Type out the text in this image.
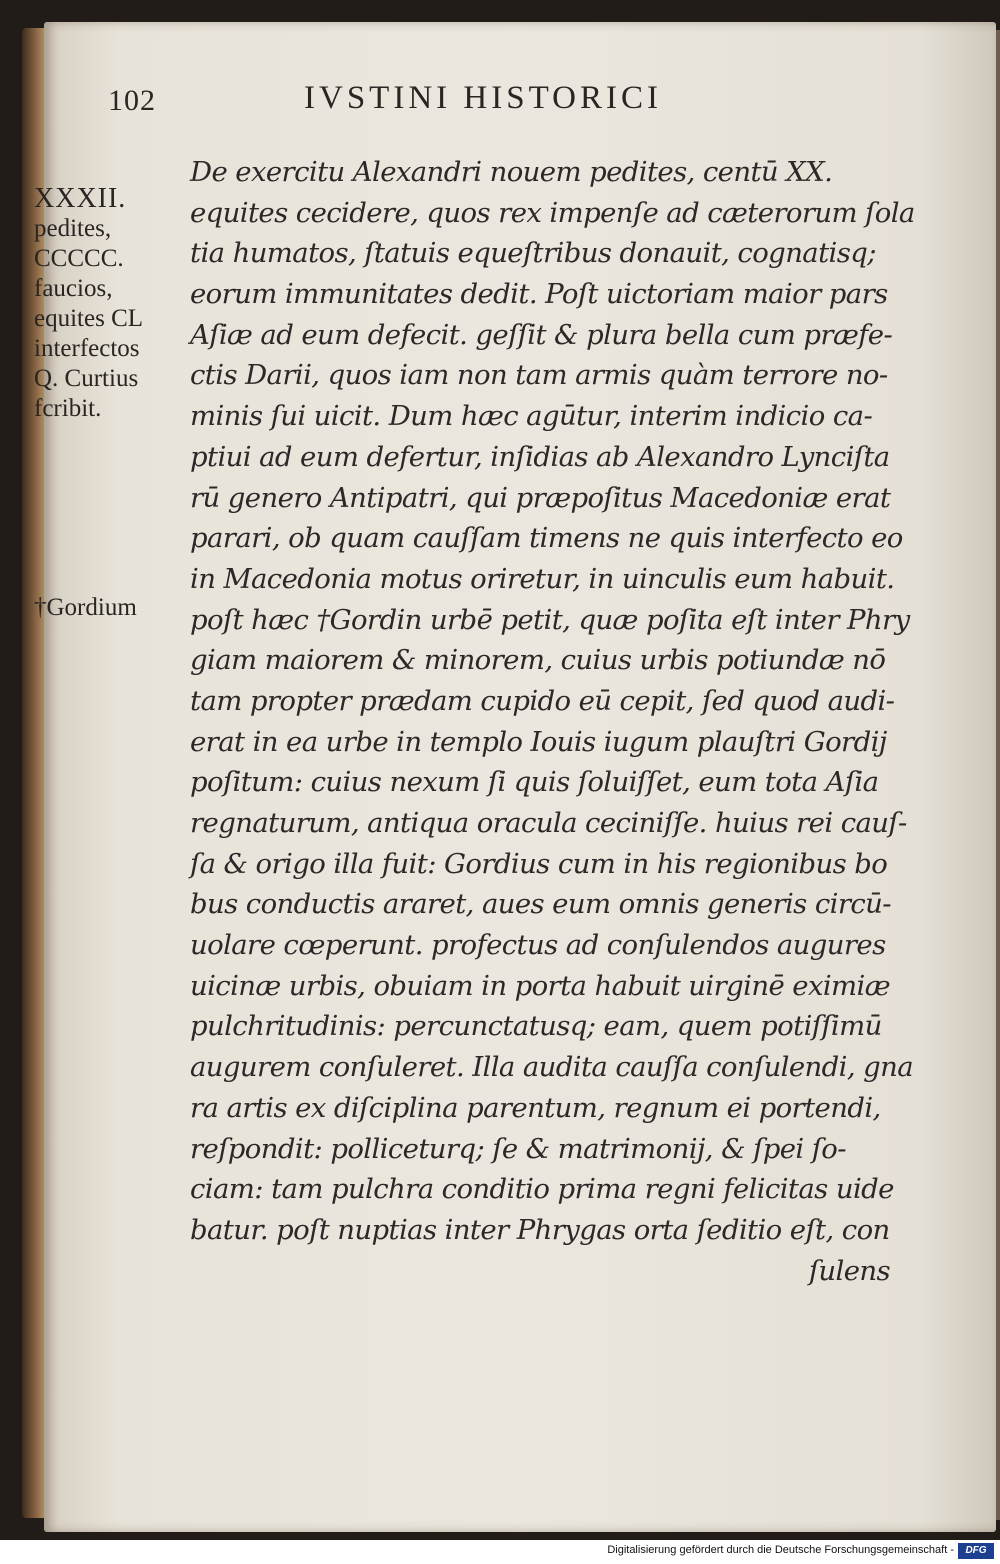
102	IVSTINI HISTORICI
XXXII.
pedites,
CCCCC.
faucios,
equites CL
interfectos
Q. Curtius
fcribit.
†Gordium
De exercitu Alexandri nouem pedites, centū XX.
equites cecidere, quos rex impenſe ad cæterorum ſola
tia humatos, ſtatuis equeſtribus donauit, cognatisq;
eorum immunitates dedit. Poſt uictoriam maior pars
Aſiæ ad eum defecit. geſſit & plura bella cum præfe-
ctis Darii, quos iam non tam armis quàm terrore no-
minis ſui uicit. Dum hæc agūtur, interim indicio ca-
ptiui ad eum defertur, inſidias ab Alexandro Lynciſta
rū genero Antipatri, qui præpoſitus Macedoniæ erat
parari, ob quam cauſſam timens ne quis interfecto eo
in Macedonia motus oriretur, in uinculis eum habuit.
poſt hæc †Gordin urbē petit, quæ poſita eſt inter Phry
giam maiorem & minorem, cuius urbis potiundæ nō
tam propter prædam cupido eū cepit, ſed quod audi-
erat in ea urbe in templo Iouis iugum plauſtri Gordij
poſitum: cuius nexum ſi quis ſoluiſſet, eum tota Aſia
regnaturum, antiqua oracula ceciniſſe. huius rei cauſ-
ſa & origo illa fuit: Gordius cum in his regionibus bo
bus conductis araret, aues eum omnis generis circū-
uolare cœperunt. profectus ad conſulendos augures
uicinæ urbis, obuiam in porta habuit uirginē eximiæ
pulchritudinis: percunctatusq; eam, quem potiſſimū
augurem conſuleret. Illa audita cauſſa conſulendi, gna
ra artis ex diſciplina parentum, regnum ei portendi,
reſpondit: polliceturq; ſe & matrimonij, & ſpei ſo-
ciam: tam pulchra conditio prima regni felicitas uide
batur. poſt nuptias inter Phrygas orta ſeditio eſt, con
ſulens
Digitalisierung gefördert durch die Deutsche Forschungsgemeinschaft -	DFG
